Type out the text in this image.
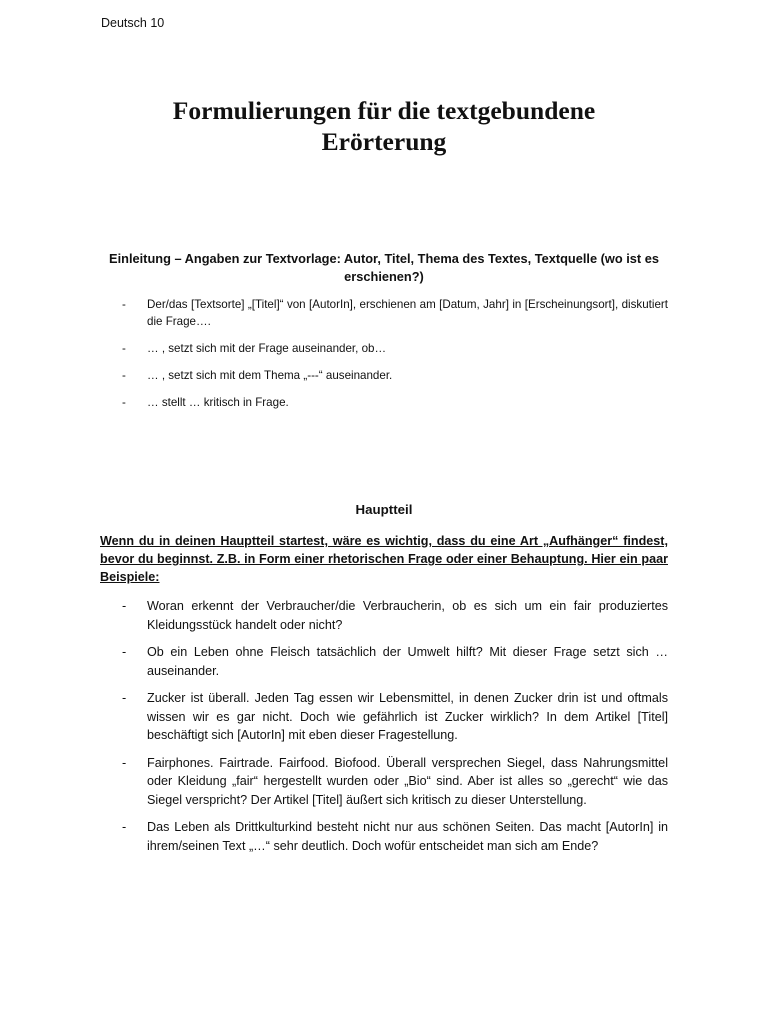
Deutsch 10

Formulierungen für die textgebundene
Erörterung
Einleitung – Angaben zur Textvorlage: Autor, Titel, Thema des Textes, Textquelle (wo ist es erschienen?)
- Der/das [Textsorte] „[Titel]“ von [AutorIn], erschienen am [Datum, Jahr] in [Erscheinungsort], diskutiert die Frage….
- … , setzt sich mit der Frage auseinander, ob…
- … , setzt sich mit dem Thema „---“ auseinander.
- … stellt … kritisch in Frage.
Hauptteil

Wenn du in deinen Hauptteil startest, wäre es wichtig, dass du eine Art „Aufhänger“ findest, bevor du beginnst. Z.B. in Form einer rhetorischen Frage oder einer Behauptung. Hier ein paar Beispiele:

- Woran erkennt der Verbraucher/die Verbraucherin, ob es sich um ein fair produziertes Kleidungsstück handelt oder nicht?
- Ob ein Leben ohne Fleisch tatsächlich der Umwelt hilft? Mit dieser Frage setzt sich … auseinander.
- Zucker ist überall. Jeden Tag essen wir Lebensmittel, in denen Zucker drin ist und oftmals wissen wir es gar nicht. Doch wie gefährlich ist Zucker wirklich? In dem Artikel [Titel] beschäftigt sich [AutorIn] mit eben dieser Fragestellung.
- Fairphones. Fairtrade. Fairfood. Biofood. Überall versprechen Siegel, dass Nahrungsmittel oder Kleidung „fair“ hergestellt wurden oder „Bio“ sind. Aber ist alles so „gerecht“ wie das Siegel verspricht? Der Artikel [Titel] äußert sich kritisch zu dieser Unterstellung.
- Das Leben als Drittkulturkind besteht nicht nur aus schönen Seiten. Das macht [AutorIn] in ihrem/seinen Text „…“ sehr deutlich. Doch wofür entscheidet man sich am Ende?
